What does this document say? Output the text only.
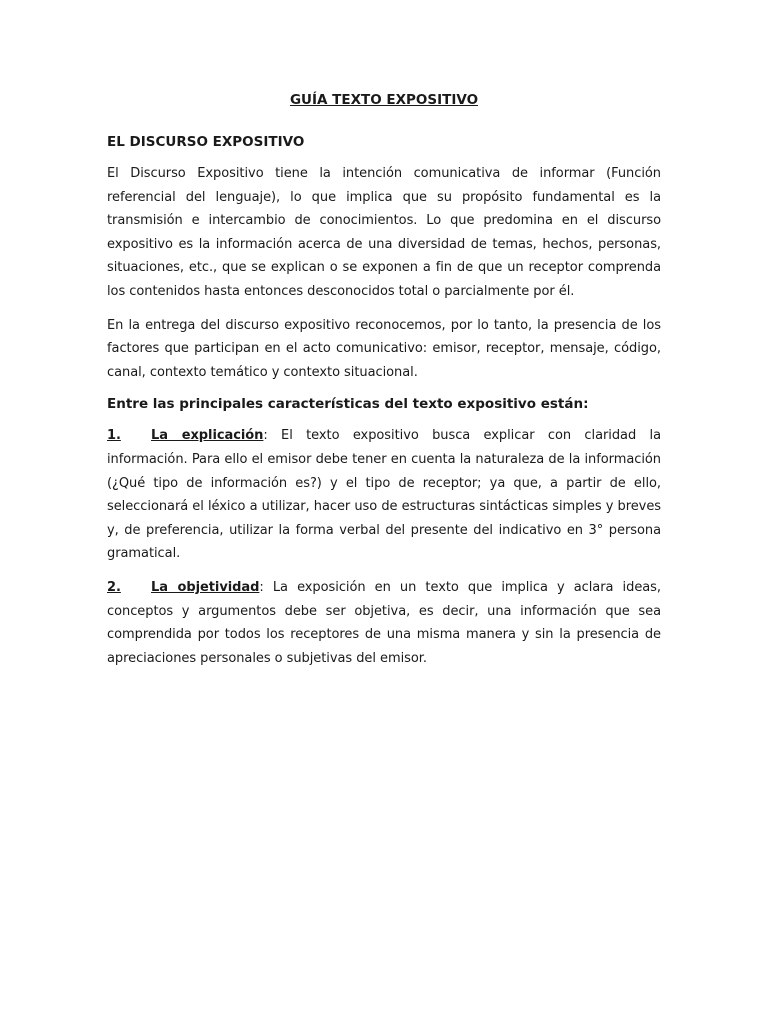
GUÍA TEXTO EXPOSITIVO
EL DISCURSO EXPOSITIVO

El Discurso Expositivo tiene la intención comunicativa de informar (Función referencial del lenguaje), lo que implica que su propósito fundamental es la transmisión e intercambio de conocimientos. Lo que predomina en el discurso expositivo es la información acerca de una diversidad de temas, hechos, personas, situaciones, etc., que se explican o se exponen a fin de que un receptor comprenda los contenidos hasta entonces desconocidos total o parcialmente por él.

En la entrega del discurso expositivo reconocemos, por lo tanto, la presencia de los factores que participan en el acto comunicativo: emisor, receptor, mensaje, código, canal, contexto temático y contexto situacional.

Entre las principales características del texto expositivo están:

1. La explicación: El texto expositivo busca explicar con claridad la información. Para ello el emisor debe tener en cuenta la naturaleza de la información (¿Qué tipo de información es?) y el tipo de receptor; ya que, a partir de ello, seleccionará el léxico a utilizar, hacer uso de estructuras sintácticas simples y breves y, de preferencia, utilizar la forma verbal del presente del indicativo en 3° persona gramatical.

2. La objetividad: La exposición en un texto que implica y aclara ideas, conceptos y argumentos debe ser objetiva, es decir, una información que sea comprendida por todos los receptores de una misma manera y sin la presencia de apreciaciones personales o subjetivas del emisor.
